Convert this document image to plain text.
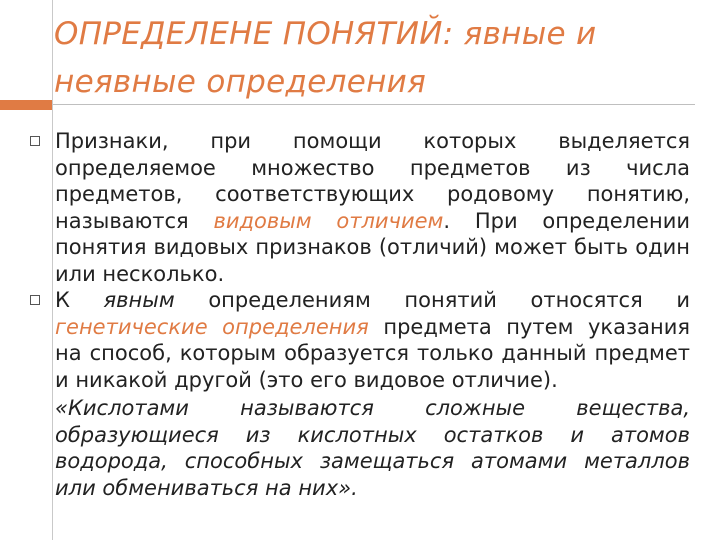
ОПРЕДЕЛЕНЕ ПОНЯТИЙ: явные и
неявные определения
Признаки, при помощи которых выделяется определяемое множество предметов из числа предметов, соответствующих родовому понятию, называются видовым отличием. При определении понятия видовых признаков (отличий) может быть один или несколько.
К явным определениям понятий относятся и генетические определения предмета путем указания на способ, которым образуется только данный предмет и никакой другой (это его видовое отличие).
«Кислотами называются сложные вещества, образующиеся из кислотных остатков и атомов водорода, способных замещаться атомами металлов или обмениваться на них».
